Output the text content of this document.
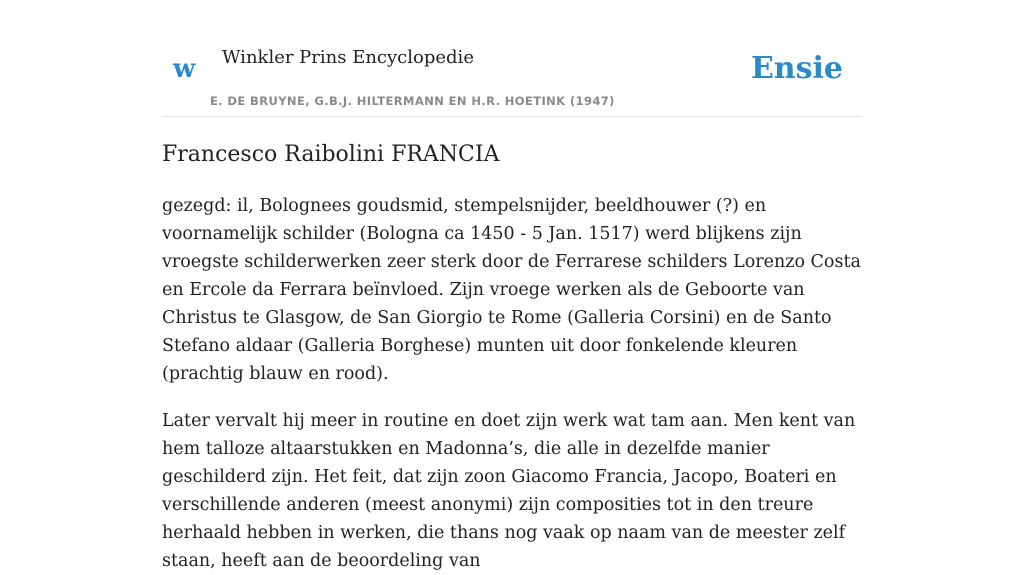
w Winkler Prins Encyclopedie
E. DE BRUYNE, G.B.J. HILTERMANN EN H.R. HOETINK (1947)
Ensie
Francesco Raibolini FRANCIA

gezegd: il, Bolognees goudsmid, stempelsnijder, beeldhouwer (?) en voornamelijk schilder (Bologna ca 1450 - 5 Jan. 1517) werd blijkens zijn vroegste schilderwerken zeer sterk door de Ferrarese schilders Lorenzo Costa en Ercole da Ferrara beïnvloed. Zijn vroege werken als de Geboorte van Christus te Glasgow, de San Giorgio te Rome (Galleria Corsini) en de Santo Stefano aldaar (Galleria Borghese) munten uit door fonkelende kleuren (prachtig blauw en rood).

Later vervalt hij meer in routine en doet zijn werk wat tam aan. Men kent van hem talloze altaarstukken en Madonna’s, die alle in dezelfde manier geschilderd zijn. Het feit, dat zijn zoon Giacomo Francia, Jacopo, Boateri en verschillende anderen (meest anonymi) zijn composities tot in den treure herhaald hebben in werken, die thans nog vaak op naam van de meester zelf staan, heeft aan de beoordeling van
